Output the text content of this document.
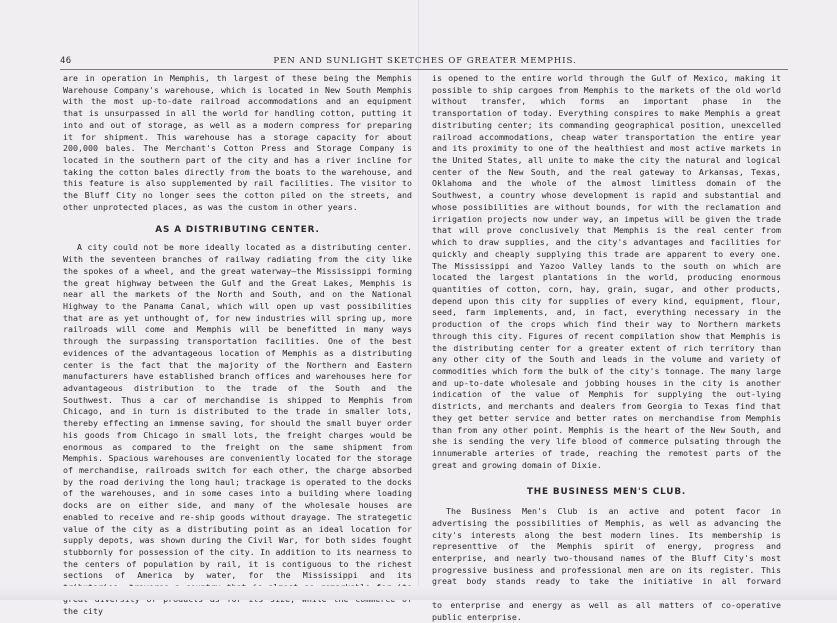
46	PEN AND SUNLIGHT SKETCHES OF GREATER MEMPHIS.

are in operation in Memphis, th largest of these being the Memphis Warehouse Company's warehouse, which is located in New South Memphis with the most up-to-date railroad accommodations and an equipment that is unsurpassed in all the world for handling cotton, putting it into and out of storage, as well as a modern compress for preparing it for shipment. This warehouse has a storage capacity for about 200,000 bales. The Merchant's Cotton Press and Storage Company is located in the southern part of the city and has a river incline for taking the cotton bales directly from the boats to the warehouse, and this feature is also supplemented by rail facilities. The visitor to the Bluff City no longer sees the cotton piled on the streets, and other unprotected places, as was the custom in other years.

AS A DISTRIBUTING CENTER.

A city could not be more ideally located as a distributing center. With the seventeen branches of railway radiating from the city like the spokes of a wheel, and the great waterway—the Mississippi forming the great highway between the Gulf and the Great Lakes, Memphis is near all the markets of the North and South, and on the National Highway to the Panama Canal, which will open up vast possibilities that are as yet unthought of, for new industries will spring up, more railroads will come and Memphis will be benefitted in many ways through the surpassing transportation facilities. One of the best evidences of the advantageous location of Memphis as a distributing center is the fact that the majority of the Northern and Eastern manufacturers have established branch offices and warehouses here for advantageous distribution to the trade of the South and the Southwest. Thus a car of merchandise is shipped to Memphis from Chicago, and in turn is distributed to the trade in smaller lots, thereby effecting an immense saving, for should the small buyer order his goods from Chicago in small lots, the freight charges would be enormous as compared to the freight on the same shipment from Memphis. Spacious warehouses are conveniently located for the storage of merchandise, railroads switch for each other, the charge absorbed by the road deriving the long haul; trackage is operated to the docks of the warehouses, and in some cases into a building where loading docks are on either side, and many of the wholesale houses are enabled to receive and re-ship goods without drayage. The strategetic value of the city as a distributing point as an ideal location for supply depots, was shown during the Civil War, for both sides fought stubbornly for possession of the city. In addition to its nearness to the centers of population by rail, it is contiguous to the richest sections of America by water, for the Mississippi and its the city

is opened to the entire world through the Gulf of Mexico, making it possible to ship cargoes from Memphis to the markets of the old world without transfer, which forms an important phase in the transportation of today. Everything conspires to make Memphis a great distributing center; its commanding geographical position, unexcelled railroad accommodations, cheap water transportation the entire year and its proximity to one of the healthiest and most active markets in the United States, all unite to make the city the natural and logical center of the New South, and the real gateway to Arkansas, Texas, Oklahoma and the whole of the almost limitless domain of the Southwest, a country whose development is rapid and substantial and whose possibilities are without bounds, for with the reclamation and irrigation projects now under way, an impetus will be given the trade that will prove conclusively that Memphis is the real center from which to draw supplies, and the city's advantages and facilities for quickly and cheaply supplying this trade are apparent to every one. The Mississippi and Yazoo Valley lands to the south on which are located the largest plantations in the world, producing enormous quantities of cotton, corn, hay, grain, sugar, and other products, depend upon this city for supplies of every kind, equipment, flour, seed, farm implements, and, in fact, everything necessary in the production of the crops which find their way to Northern markets through this city. Figures of recent compilation show that Memphis is the distributing center for a greater extent of rich territory than any other city of the South and leads in the volume and variety of commodities which form the bulk of the city's tonnage. The many large and up-to-date wholesale and jobbing houses in the city is another indication of the value of Memphis for supplying the out-lying districts, and merchants and dealers from Georgia to Texas find that they get better service and better rates on merchandise from Memphis than from any other point. Memphis is the heart of the New South, and she is sending the very life blood of commerce pulsating through the innumerable arteries of trade, reaching the remotest parts of the great and growing domain of Dixie.

THE BUSINESS MEN'S CLUB.

The Business Men's Club is an active and potent facor in advertising the possibilities of Memphis, as well as advancing the city's interests along the best modern lines. Its membership is representtive of the Memphis spirit of energy, progress and enterprise, and nearly two-thousand names of the Bluff City's most progressive business and professional men are on its register. This great body stands ready to take the initiative in all forward to enterprise and energy as well as all matters of co-operative public enterprise.
